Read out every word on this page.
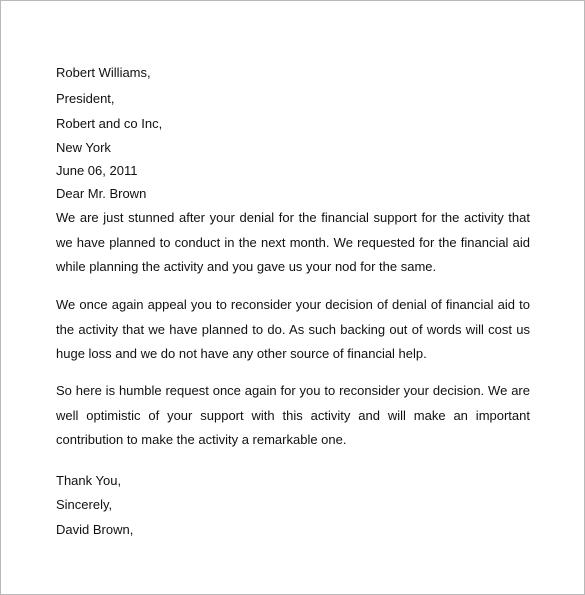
Robert Williams,
President,
Robert and co Inc,
New York
June 06, 2011
Dear Mr. Brown

We are just stunned after your denial for the financial support for the activity that we have planned to conduct in the next month. We requested for the financial aid while planning the activity and you gave us your nod for the same.

We once again appeal you to reconsider your decision of denial of financial aid to the activity that we have planned to do. As such backing out of words will cost us huge loss and we do not have any other source of financial help.

So here is humble request once again for you to reconsider your decision. We are well optimistic of your support with this activity and will make an important contribution to make the activity a remarkable one.

Thank You,
Sincerely,
David Brown,
